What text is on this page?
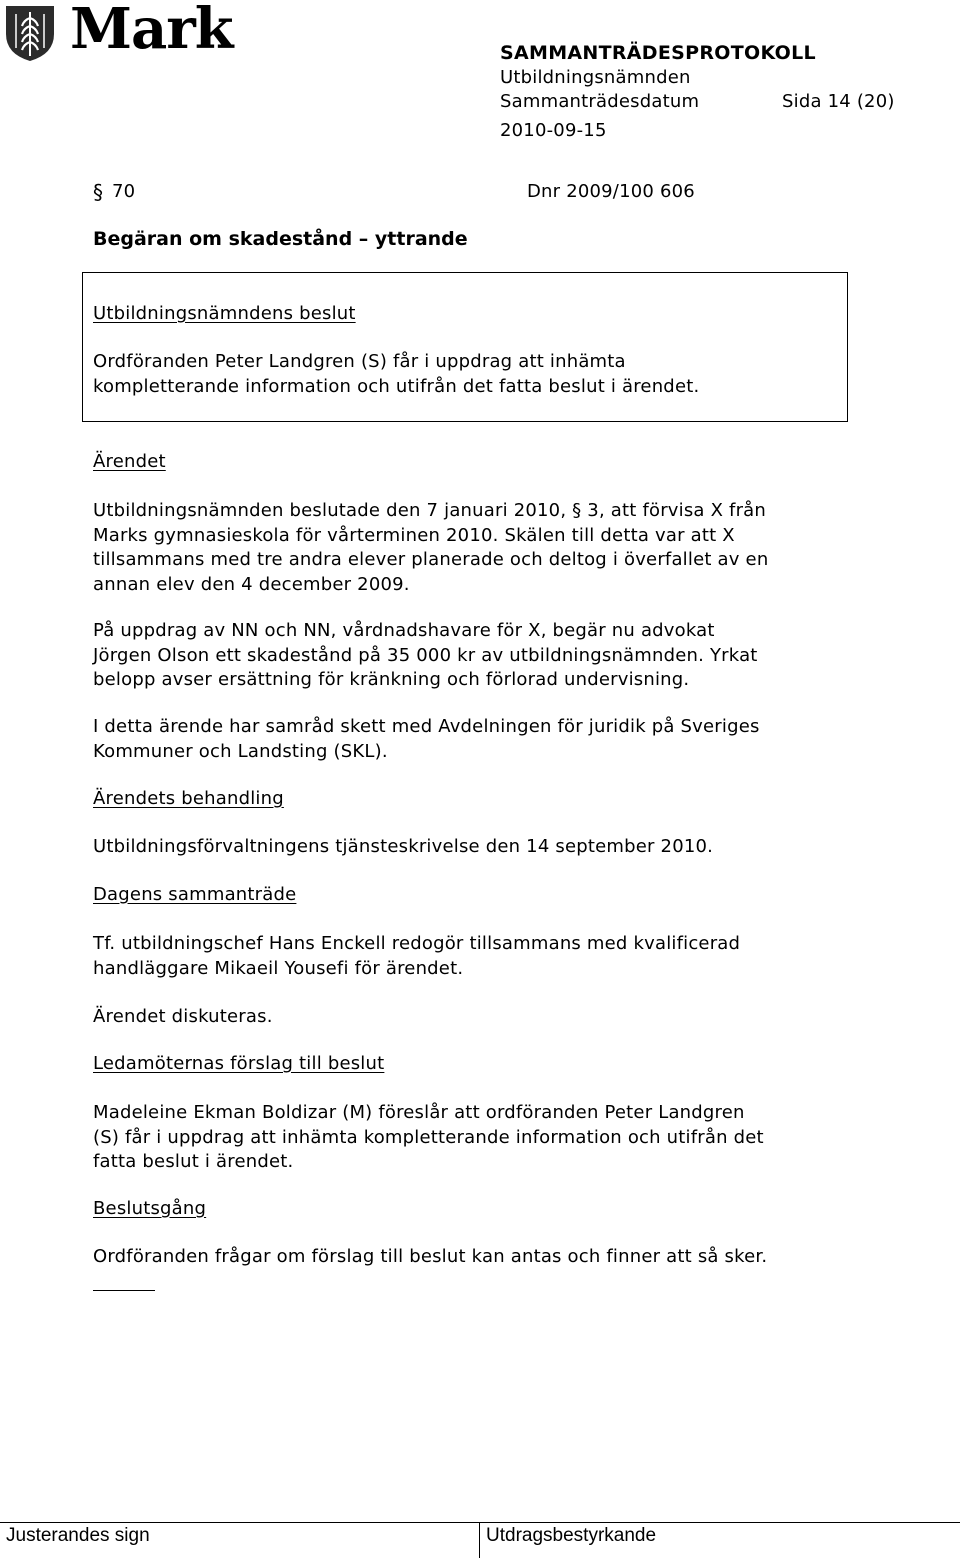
Mark	SAMMANTRÄDESPROTOKOLL
Utbildningsnämnden
Sammanträdesdatum	Sida 14 (20)
2010-09-15
§ 70	Dnr 2009/100 606
Begäran om skadestånd – yttrande
Utbildningsnämndens beslut
Ordföranden Peter Landgren (S) får i uppdrag att inhämta
kompletterande information och utifrån det fatta beslut i ärendet.
Ärendet
Utbildningsnämnden beslutade den 7 januari 2010, § 3, att förvisa X från
Marks gymnasieskola för vårterminen 2010. Skälen till detta var att X
tillsammans med tre andra elever planerade och deltog i överfallet av en
annan elev den 4 december 2009.
På uppdrag av NN och NN, vårdnadshavare för X, begär nu advokat
Jörgen Olson ett skadestånd på 35 000 kr av utbildningsnämnden. Yrkat
belopp avser ersättning för kränkning och förlorad undervisning.
I detta ärende har samråd skett med Avdelningen för juridik på Sveriges
Kommuner och Landsting (SKL).
Ärendets behandling
Utbildningsförvaltningens tjänsteskrivelse den 14 september 2010.
Dagens sammanträde
Tf. utbildningschef Hans Enckell redogör tillsammans med kvalificerad
handläggare Mikaeil Yousefi för ärendet.
Ärendet diskuteras.
Ledamöternas förslag till beslut
Madeleine Ekman Boldizar (M) föreslår att ordföranden Peter Landgren
(S) får i uppdrag att inhämta kompletterande information och utifrån det
fatta beslut i ärendet.
Beslutsgång
Ordföranden frågar om förslag till beslut kan antas och finner att så sker.
Justerandes sign	Utdragsbestyrkande
